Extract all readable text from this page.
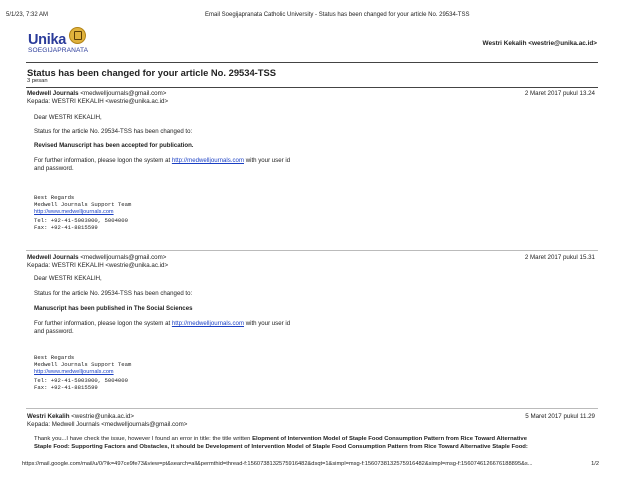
5/1/23, 7:32 AM	Email Soegijapranata Catholic University - Status has been changed for your article No. 29534-TSS
Unika
SOEGIJAPRANATA
Westri Kekalih <westrie@unika.ac.id>
Status has been changed for your article No. 29534-TSS
3 pesan
Medwell Journals <medwelljournals@gmail.com>	2 Maret 2017 pukul 13.24
Kepada: WESTRI KEKALIH <westrie@unika.ac.id>
Dear WESTRI KEKALIH,
Status for the article No. 29534-TSS has been changed to:
Revised Manuscript has been accepted for publication.
For further information, please logon the system at http://medwelljournals.com with your user id
and password.
Best Regards
Medwell Journals Support Team
http://www.medwelljournals.com
Tel: +92-41-5003000, 5004000
Fax: +92-41-8815599
Medwell Journals <medwelljournals@gmail.com>	2 Maret 2017 pukul 15.31
Kepada: WESTRI KEKALIH <westrie@unika.ac.id>
Dear WESTRI KEKALIH,
Status for the article No. 29534-TSS has been changed to:
Manuscript has been published in The Social Sciences
For further information, please logon the system at http://medwelljournals.com with your user id
and password.
Best Regards
Medwell Journals Support Team
http://www.medwelljournals.com
Tel: +92-41-5003000, 5004000
Fax: +92-41-8815599
Westri Kekalih <westrie@unika.ac.id>	5 Maret 2017 pukul 11.29
Kepada: Medwell Journals <medwelljournals@gmail.com>
Thank you...I have check the issue, however I found an error in title: the title written Elopment of Intervention Model of Staple Food Consumption Pattern from Rice Toward Alternative
Staple Food: Supporting Factors and Obstacles, it should be Development of Intervention Model of Staple Food Consumption Pattern from Rice Toward Alternative Staple Food:
https://mail.google.com/mail/u/0/?ik=497ce9fe73&view=pt&search=all&permthid=thread-f:1560738132575916482&dsqt=1&simpl=msg-f:1560738132575916482&simpl=msg-f:1560746126676188895&s...	1/2
